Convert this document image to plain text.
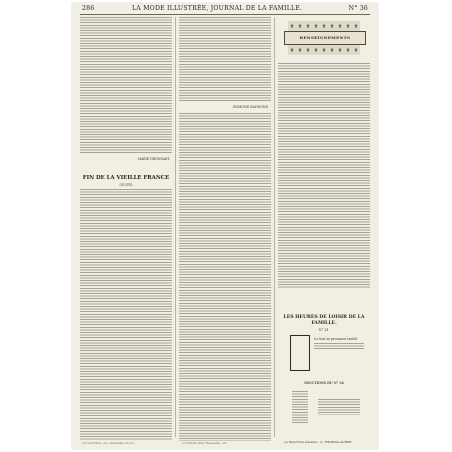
286	LA MODE ILLUSTRÉE, JOURNAL DE LA FAMILLE.	N° 36
MARIE DRONSART.
FIN DE LA VIEILLE FRANCE
(SUITE)
EDMOND RAYMOND.
RENSEIGNEMENTS
LES HEURES DE LOISIR DE LA FAMILLE.
N° 34.
Le tout se prononce tantôt
SOLUTIONS DU N° 34
(1) Voir Pitié, etc, Dentelles du (1) ...	(1) Publié chez Fasquelle, etc.	La Directrice-Gérante : A. THOMAS-AUBER.
